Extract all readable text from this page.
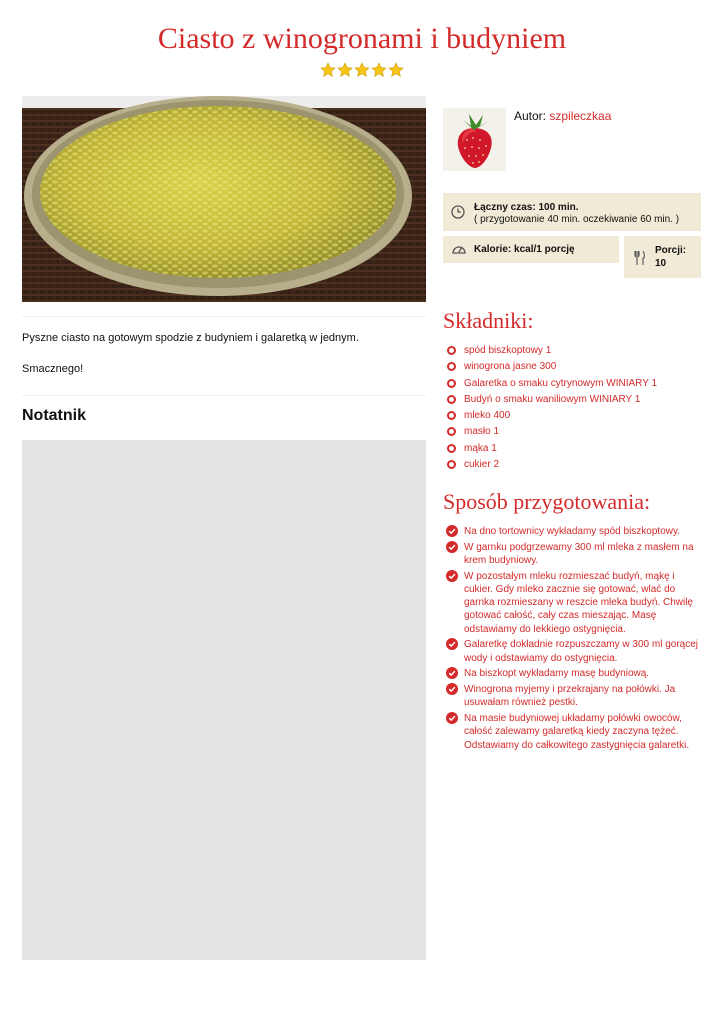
Ciasto z winogronami i budyniem
Pyszne ciasto na gotowym spodzie z budyniem i galaretką w jednym.
Smacznego!
Notatnik
Autor: szpileczkaa
Łączny czas: 100 min.
( przygotowanie 40 min. oczekiwanie 60 min. )
Kalorie: kcal/1 porcję	Porcji:
10
Składniki:
spód biszkoptowy 1
winogrona jasne 300
Galaretka o smaku cytrynowym WINIARY 1
Budyń o smaku waniliowym WINIARY 1
mleko 400
masło 1
mąka 1
cukier 2
Sposób przygotowania:
Na dno tortownicy wykładamy spód biszkoptowy.
W garnku podgrzewamy 300 ml mleka z masłem na krem budyniowy.
W pozostałym mleku rozmieszać budyń, mąkę i cukier. Gdy mleko zacznie się gotować, wlać do garnka rozmieszany w reszcie mleka budyń. Chwilę gotować całość, cały czas mieszając. Masę odstawiamy do lekkiego ostygnięcia.
Galaretkę dokładnie rozpuszczamy w 300 ml gorącej wody i odstawiamy do ostygnięcia.
Na biszkopt wykładamy masę budyniową.
Winogrona myjemy i przekrajany na połówki. Ja usuwałam również pestki.
Na masie budyniowej układamy połówki owoców, całość zalewamy galaretką kiedy zaczyna tężeć. Odstawiamy do całkowitego zastygnięcia galaretki.
